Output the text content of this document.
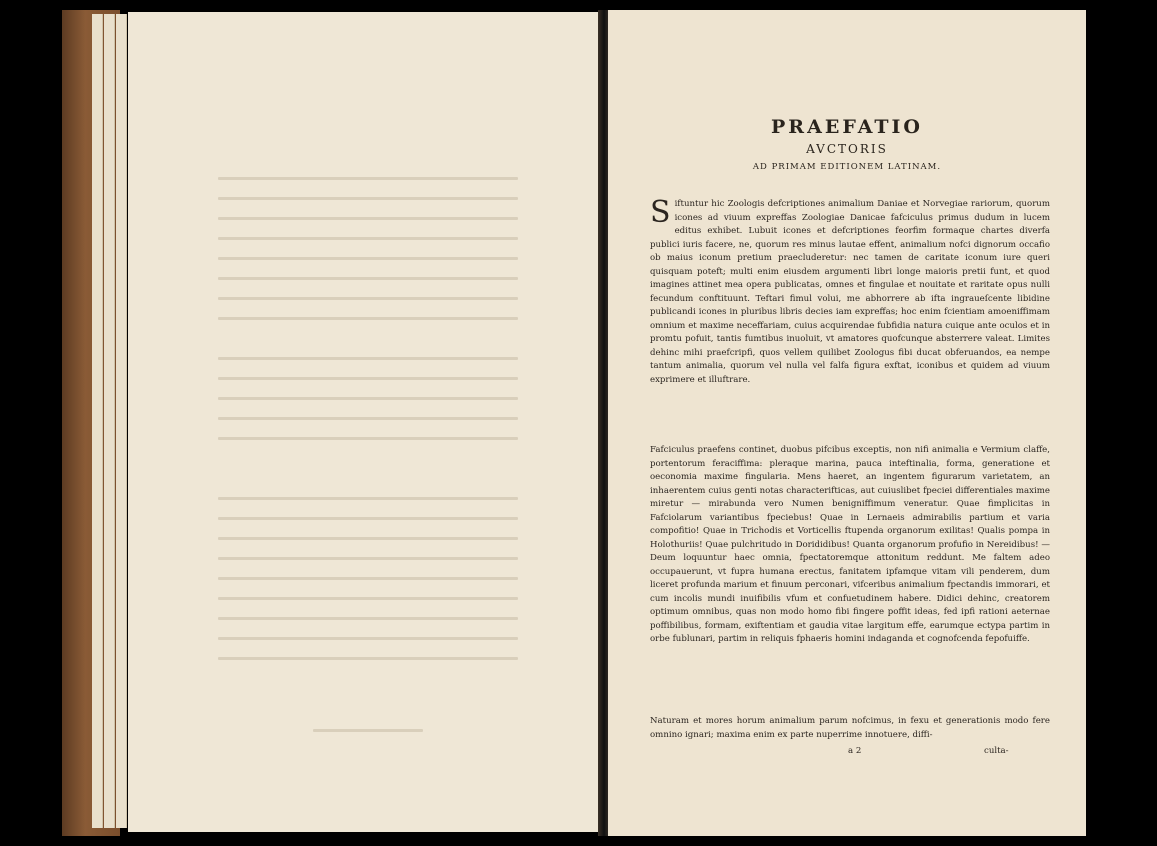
PRAEFATIO
AVCTORIS
AD PRIMAM EDITIONEM LATINAM.
Siftuntur hic Zoologis defcriptiones animalium Daniae et Norvegiae rariorum, quorum icones ad viuum expreffas Zoologiae Danicae fafciculus primus dudum in lucem editus exhibet. Lubuit icones et defcriptiones feorfim formaque chartes diverfa publici iuris facere, ne, quorum res minus lautae effent, animalium nofci dignorum occafio ob maius iconum pretium praecluderetur: nec tamen de caritate iconum iure queri quisquam poteft; multi enim eiusdem argumenti libri longe maioris pretii funt, et quod imagines attinet mea opera publicatas, omnes et fingulae et nouitate et raritate opus nulli fecundum conftituunt. Teftari fimul volui, me abhorrere ab ifta ingraueſcente libidine publicandi icones in pluribus libris decies iam expreffas; hoc enim fcientiam amoeniffimam omnium et maxime neceffariam, cuius acquirendae fubfidia natura cuique ante oculos et in promtu pofuit, tantis fumtibus inuoluit, vt amatores quofcunque absterrere valeat. Limites dehinc mihi praefcripfi, quos vellem quilibet Zoologus fibi ducat obferuandos, ea nempe tantum animalia, quorum vel nulla vel falfa figura exftat, iconibus et quidem ad viuum exprimere et illuftrare.
Fafciculus praefens continet, duobus pifcibus exceptis, non nifi animalia e Vermium claffe, portentorum feraciffima: pleraque marina, pauca inteftinalia, forma, generatione et oeconomia maxime fingularia. Mens haeret, an ingentem figurarum varietatem, an inhaerentem cuius genti notas characterifticas, aut cuiuslibet fpeciei differentiales maxime miretur — mirabunda vero Numen benigniffimum veneratur. Quae fimplicitas in Fafciolarum variantibus fpeciebus! Quae in Lernaeis admirabilis partium et varia compofitio! Quae in Trichodis et Vorticellis ftupenda organorum exilitas! Qualis pompa in Holothuriis! Quae pulchritudo in Dorididibus! Quanta organorum profufio in Nereidibus! — Deum loquuntur haec omnia, fpectatoremque attonitum reddunt. Me faltem adeo occupauerunt, vt fupra humana erectus, fanitatem ipfamque vitam vili penderem, dum liceret profunda marium et finuum perconari, vifceribus animalium fpectandis immorari, et cum incolis mundi inuifibilis vfum et confuetudinem habere. Didici dehinc, creatorem optimum omnibus, quas non modo homo fibi fingere poffit ideas, fed ipfi rationi aeternae poffibilibus, formam, exiftentiam et gaudia vitae largitum effe, earumque ectypa partim in orbe fublunari, partim in reliquis fphaeris homini indaganda et cognofcenda fepofuiffe.
Naturam et mores horum animalium parum nofcimus, in fexu et generationis modo fere omnino ignari; maxima enim ex parte nuperrime innotuere, diffi-
a 2	culta-
